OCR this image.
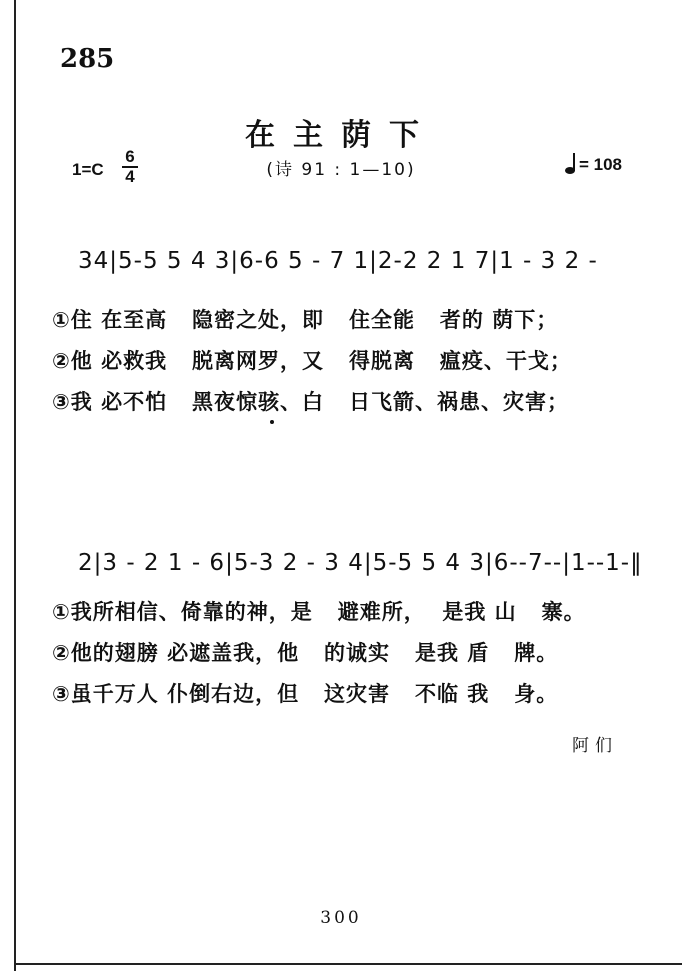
285
在主荫下
1=C
6
4	(诗 91 : 1—10)	= 108
34|5-5 5 4 3|6-6 5 - 7 1|2-2 2 1 7|1 - 3 2 -
①住 在至高   隐密之处，即   住全能   者的 荫下；
②他 必救我   脱离网罗，又   得脱离   瘟疫、干戈；
③我 必不怕   黑夜惊骇、白   日飞箭、祸患、灾害；
2|3 - 2 1 - 6|5-3 2 - 3 4|5-5 5 4 3|6--7--|1--1-‖
①我所相信、倚靠的神，是   避难所，  是我 山   寨。
②他的翅膀 必遮盖我，他   的诚实   是我 盾   牌。
③虽千万人 仆倒右边，但   这灾害   不临 我   身。
阿们
300
